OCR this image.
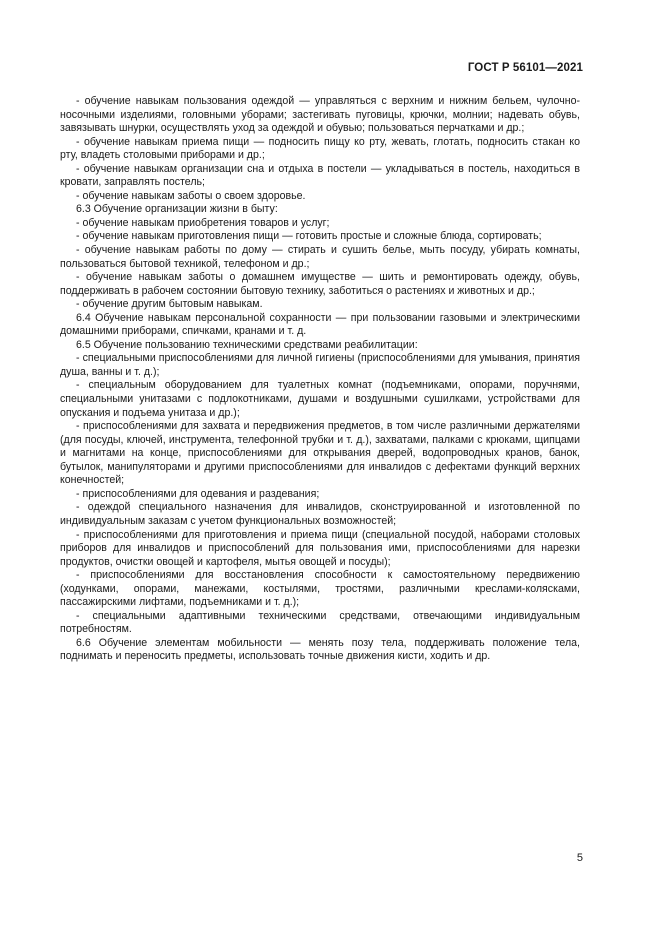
ГОСТ Р 56101—2021

- обучение навыкам пользования одеждой — управляться с верхним и нижним бельем, чулочно-носочными изделиями, головными уборами; застегивать пуговицы, крючки, молнии; надевать обувь, завязывать шнурки, осуществлять уход за одеждой и обувью; пользоваться перчатками и др.;

- обучение навыкам приема пищи — подносить пищу ко рту, жевать, глотать, подносить стакан ко рту, владеть столовыми приборами и др.;

- обучение навыкам организации сна и отдыха в постели — укладываться в постель, находиться в кровати, заправлять постель;

- обучение навыкам заботы о своем здоровье.

6.3 Обучение организации жизни в быту:

- обучение навыкам приобретения товаров и услуг;

- обучение навыкам приготовления пищи — готовить простые и сложные блюда, сортировать;

- обучение навыкам работы по дому — стирать и сушить белье, мыть посуду, убирать комнаты, пользоваться бытовой техникой, телефоном и др.;

- обучение навыкам заботы о домашнем имуществе — шить и ремонтировать одежду, обувь, поддерживать в рабочем состоянии бытовую технику, заботиться о растениях и животных и др.;

- обучение другим бытовым навыкам.

6.4 Обучение навыкам персональной сохранности — при пользовании газовыми и электрическими домашними приборами, спичками, кранами и т. д.

6.5 Обучение пользованию техническими средствами реабилитации:

- специальными приспособлениями для личной гигиены (приспособлениями для умывания, принятия душа, ванны и т. д.);

- специальным оборудованием для туалетных комнат (подъемниками, опорами, поручнями, специальными унитазами с подлокотниками, душами и воздушными сушилками, устройствами для опускания и подъема унитаза и др.);

- приспособлениями для захвата и передвижения предметов, в том числе различными держателями (для посуды, ключей, инструмента, телефонной трубки и т. д.), захватами, палками с крюками, щипцами и магнитами на конце, приспособлениями для открывания дверей, водопроводных кранов, банок, бутылок, манипуляторами и другими приспособлениями для инвалидов с дефектами функций верхних конечностей;

- приспособлениями для одевания и раздевания;

- одеждой специального назначения для инвалидов, сконструированной и изготовленной по индивидуальным заказам с учетом функциональных возможностей;

- приспособлениями для приготовления и приема пищи (специальной посудой, наборами столовых приборов для инвалидов и приспособлений для пользования ими, приспособлениями для нарезки продуктов, очистки овощей и картофеля, мытья овощей и посуды);

- приспособлениями для восстановления способности к самостоятельному передвижению (ходунками, опорами, манежами, костылями, тростями, различными креслами-колясками, пассажирскими лифтами, подъемниками и т. д.);

- специальными адаптивными техническими средствами, отвечающими индивидуальным потребностям.

6.6 Обучение элементам мобильности — менять позу тела, поддерживать положение тела, поднимать и переносить предметы, использовать точные движения кисти, ходить и др.

5
